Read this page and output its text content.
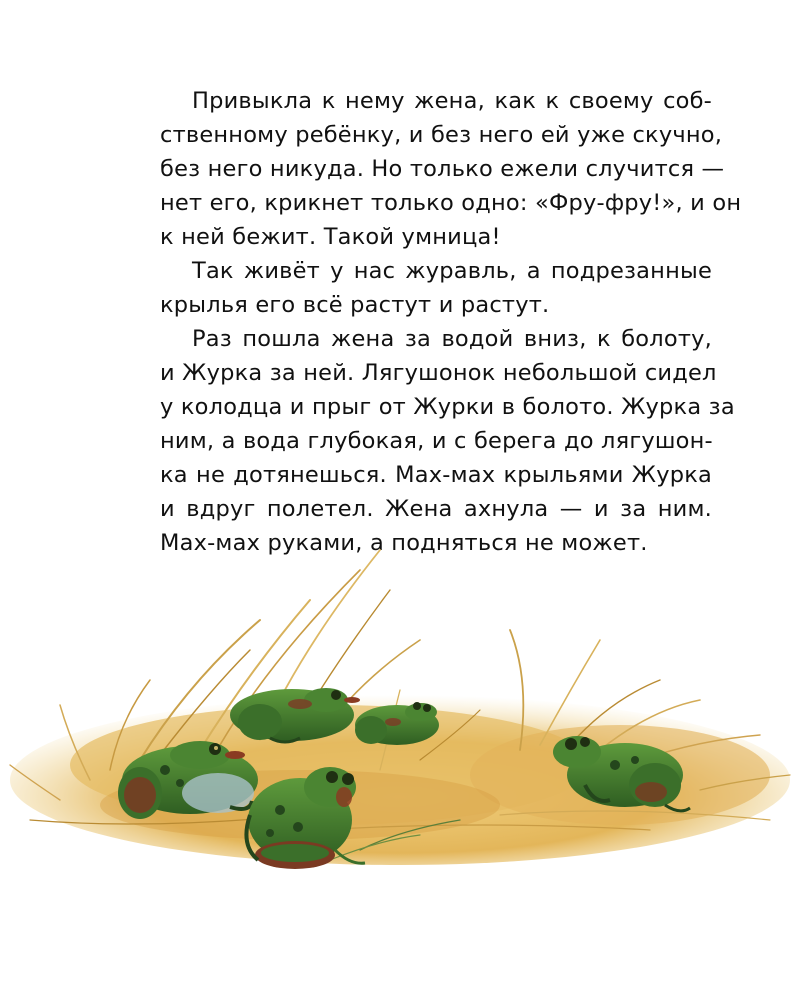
Привыкла к нему жена, как к своему соб-
ственному ребёнку, и без него ей уже скучно,
без него никуда. Но только ежели случится —
нет его, крикнет только одно: «Фру-фру!», и он
к ней бежит. Такой умница!

Так живёт у нас журавль, а подрезанные
крылья его всё растут и растут.

Раз пошла жена за водой вниз, к болоту,
и Журка за ней. Лягушонок небольшой сидел
у колодца и прыг от Журки в болото. Журка за
ним, а вода глубокая, и с берега до лягушон-
ка не дотянешься. Мах-мах крыльями Журка
и вдруг полетел. Жена ахнула — и за ним.
Мах-мах руками, а подняться не может.
